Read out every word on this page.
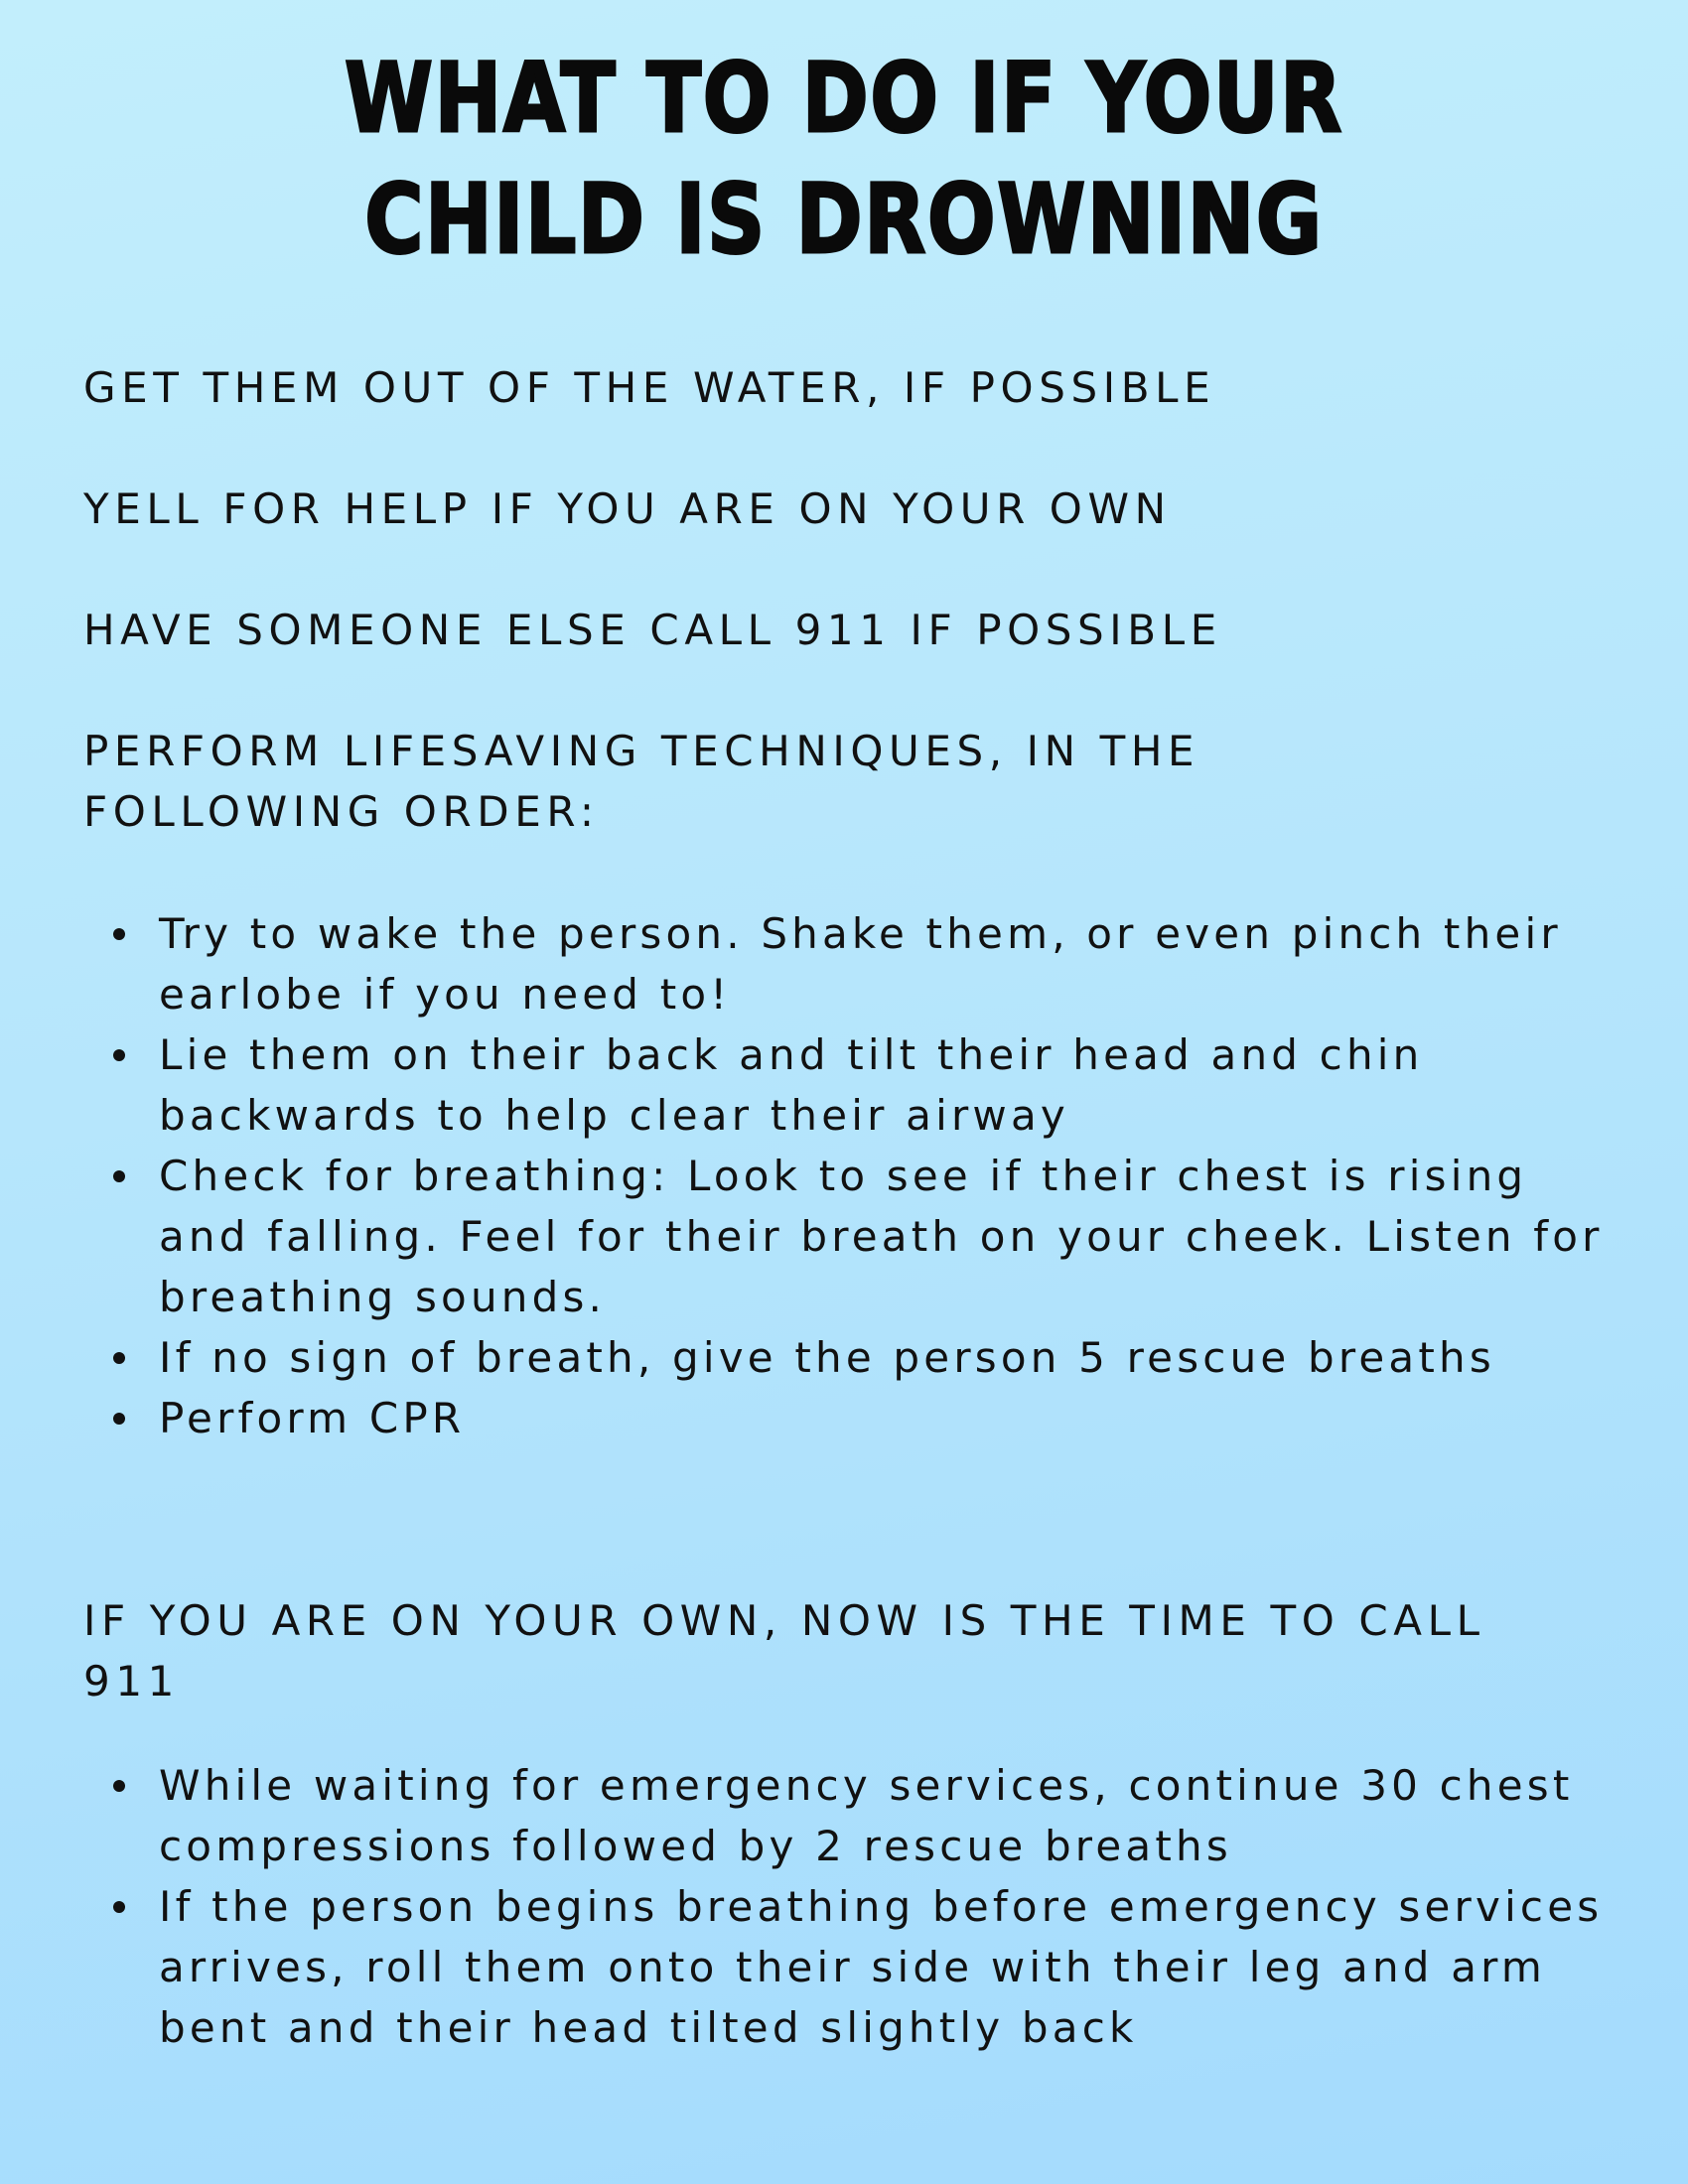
WHAT TO DO IF YOUR
CHILD IS DROWNING

GET THEM OUT OF THE WATER, IF POSSIBLE

YELL FOR HELP IF YOU ARE ON YOUR OWN

HAVE SOMEONE ELSE CALL 911 IF POSSIBLE

PERFORM LIFESAVING TECHNIQUES, IN THE FOLLOWING ORDER:

Try to wake the person. Shake them, or even pinch their earlobe if you need to!
Lie them on their back and tilt their head and chin backwards to help clear their airway
Check for breathing: Look to see if their chest is rising and falling. Feel for their breath on your cheek. Listen for breathing sounds.
If no sign of breath, give the person 5 rescue breaths
Perform CPR

IF YOU ARE ON YOUR OWN, NOW IS THE TIME TO CALL 911

While waiting for emergency services, continue 30 chest compressions followed by 2 rescue breaths
If the person begins breathing before emergency services arrives, roll them onto their side with their leg and arm bent and their head tilted slightly back
